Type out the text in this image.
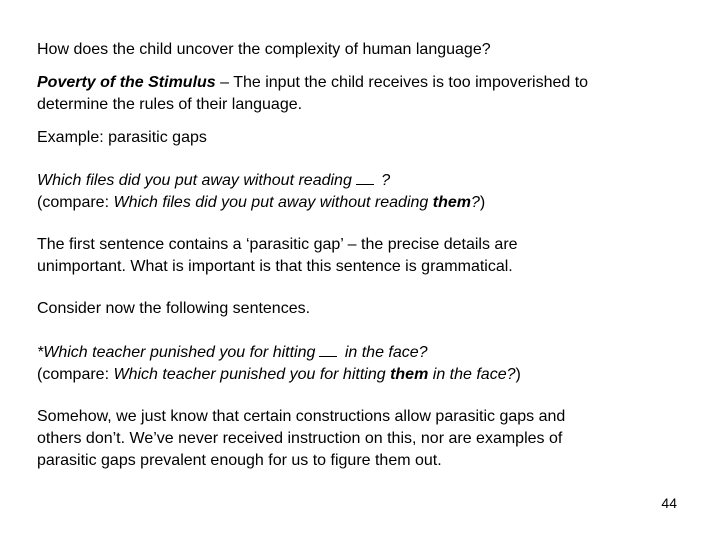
How does the child uncover the complexity of human language?
Poverty of the Stimulus – The input the child receives is too impoverished to
determine the rules of their language.
Example: parasitic gaps
Which files did you put away without reading ?
(compare: Which files did you put away without reading them?)
The first sentence contains a ‘parasitic gap’ – the precise details are
unimportant. What is important is that this sentence is grammatical.
Consider now the following sentences.
*Which teacher punished you for hitting in the face?
(compare: Which teacher punished you for hitting them in the face?)
Somehow, we just know that certain constructions allow parasitic gaps and
others don’t. We’ve never received instruction on this, nor are examples of
parasitic gaps prevalent enough for us to figure them out.
44
